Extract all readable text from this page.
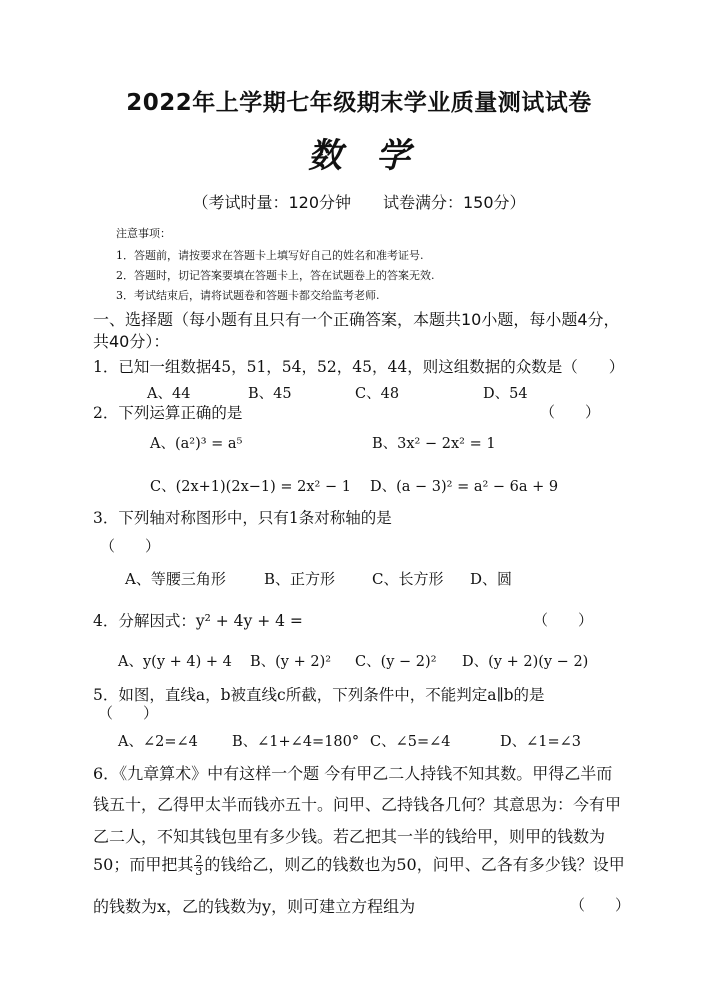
2022年上学期七年级期末学业质量测试试卷
数学
（考试时量：120分钟　　试卷满分：150分）
注意事项：
1．答题前，请按要求在答题卡上填写好自己的姓名和准考证号.
2．答题时，切记答案要填在答题卡上，答在试题卷上的答案无效.
3．考试结束后，请将试题卷和答题卡都交给监考老师.
一、选择题（每小题有且只有一个正确答案，本题共10小题，每小题4分，
共40分）：
1．已知一组数据45，51，54，52，45，44，则这组数据的众数是（　　）
A、44	B、45	C、48	D、54
2．下列运算正确的是	（　　）
A、(a²)³ = a⁵	B、3x² − 2x² = 1
C、(2x+1)(2x−1) = 2x² − 1 D、(a − 3)² = a² − 6a + 9
3．下列轴对称图形中，只有1条对称轴的是
（　　）
A、等腰三角形	B、正方形 C、长方形 D、圆
4．分解因式：y² + 4y + 4 =	（　　）
A、y(y + 4) + 4 B、(y + 2)² C、(y − 2)² D、(y + 2)(y − 2)
5．如图，直线a，b被直线c所截，下列条件中，不能判定a∥b的是
（　　）
A、∠2=∠4 B、∠1+∠4=180° C、∠5=∠4	D、∠1=∠3
6．《九章算术》中有这样一个题 今有甲乙二人持钱不知其数。甲得乙半而
钱五十，乙得甲太半而钱亦五十。问甲、乙持钱各几何？其意思为：今有甲
乙二人，不知其钱包里有多少钱。若乙把其一半的钱给甲，则甲的钱数为
50；而甲把其 $\frac{2}{3}$ 的钱给乙，则乙的钱数也为50，问甲、乙各有多少钱？设甲
的钱数为x，乙的钱数为y，则可建立方程组为	（　　）
